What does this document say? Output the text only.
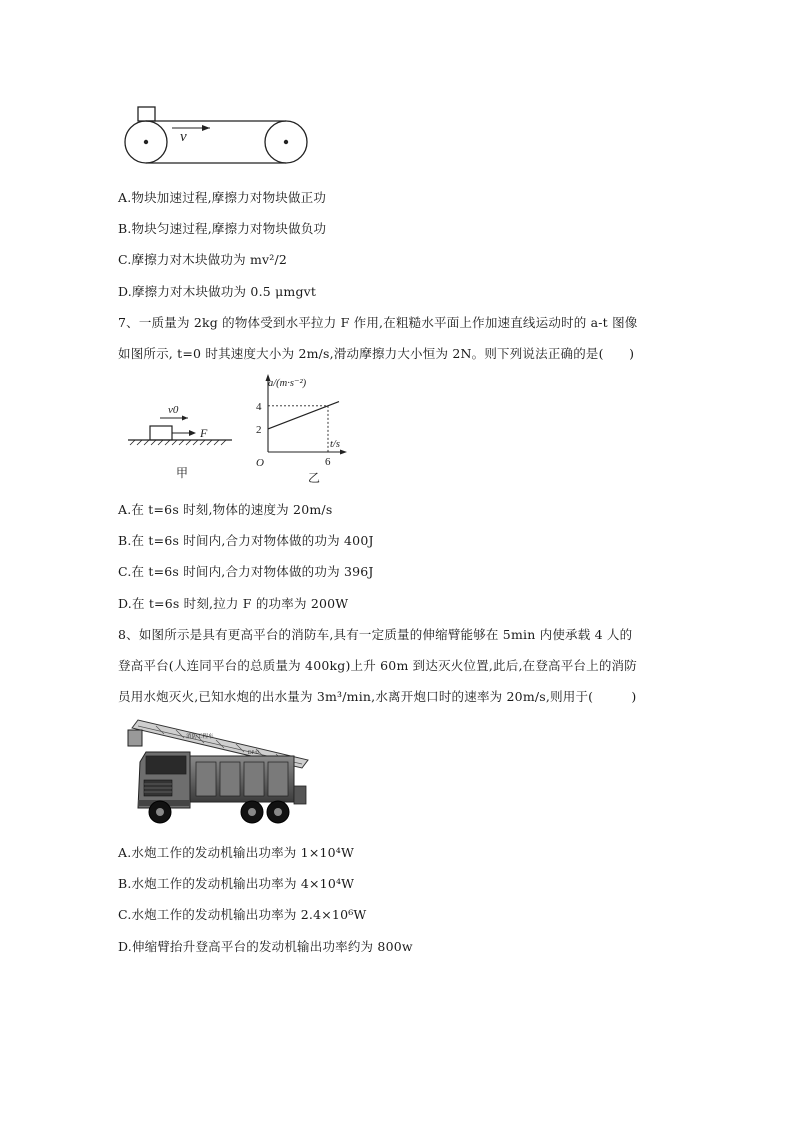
v
A.物块加速过程,摩擦力对物块做正功
B.物块匀速过程,摩擦力对物块做负功
C.摩擦力对木块做功为 mv²/2
D.摩擦力对木块做功为 0.5 μmgvt
7、一质量为 2kg 的物体受到水平拉力 F 作用,在粗糙水平面上作加速直线运动时的 a-t 图像
如图所示, t=0 时其速度大小为 2m/s,滑动摩擦力大小恒为 2N。则下列说法正确的是(　　)
v0
F
甲
a/(m·s⁻²)
t/s
O
乙
2
4
6
A.在 t=6s 时刻,物体的速度为 20m/s
B.在 t=6s 时间内,合力对物体做的功为 400J
C.在 t=6s 时间内,合力对物体做的功为 396J
D.在 t=6s 时刻,拉力 F 的功率为 200W
8、如图所示是具有更高平台的消防车,具有一定质量的伸缩臂能够在 5min 内使承载 4 人的
登高平台(人连同平台的总质量为 400kg)上升 60m 到达灭火位置,此后,在登高平台上的消防
员用水炮灭火,已知水炮的出水量为 3m³/min,水离开炮口时的速率为 20m/s,则用于(　　　)
消防工程车
DP42
A.水炮工作的发动机输出功率为 1×10⁴W
B.水炮工作的发动机输出功率为 4×10⁴W
C.水炮工作的发动机输出功率为 2.4×10⁶W
D.伸缩臂抬升登高平台的发动机输出功率约为 800w
